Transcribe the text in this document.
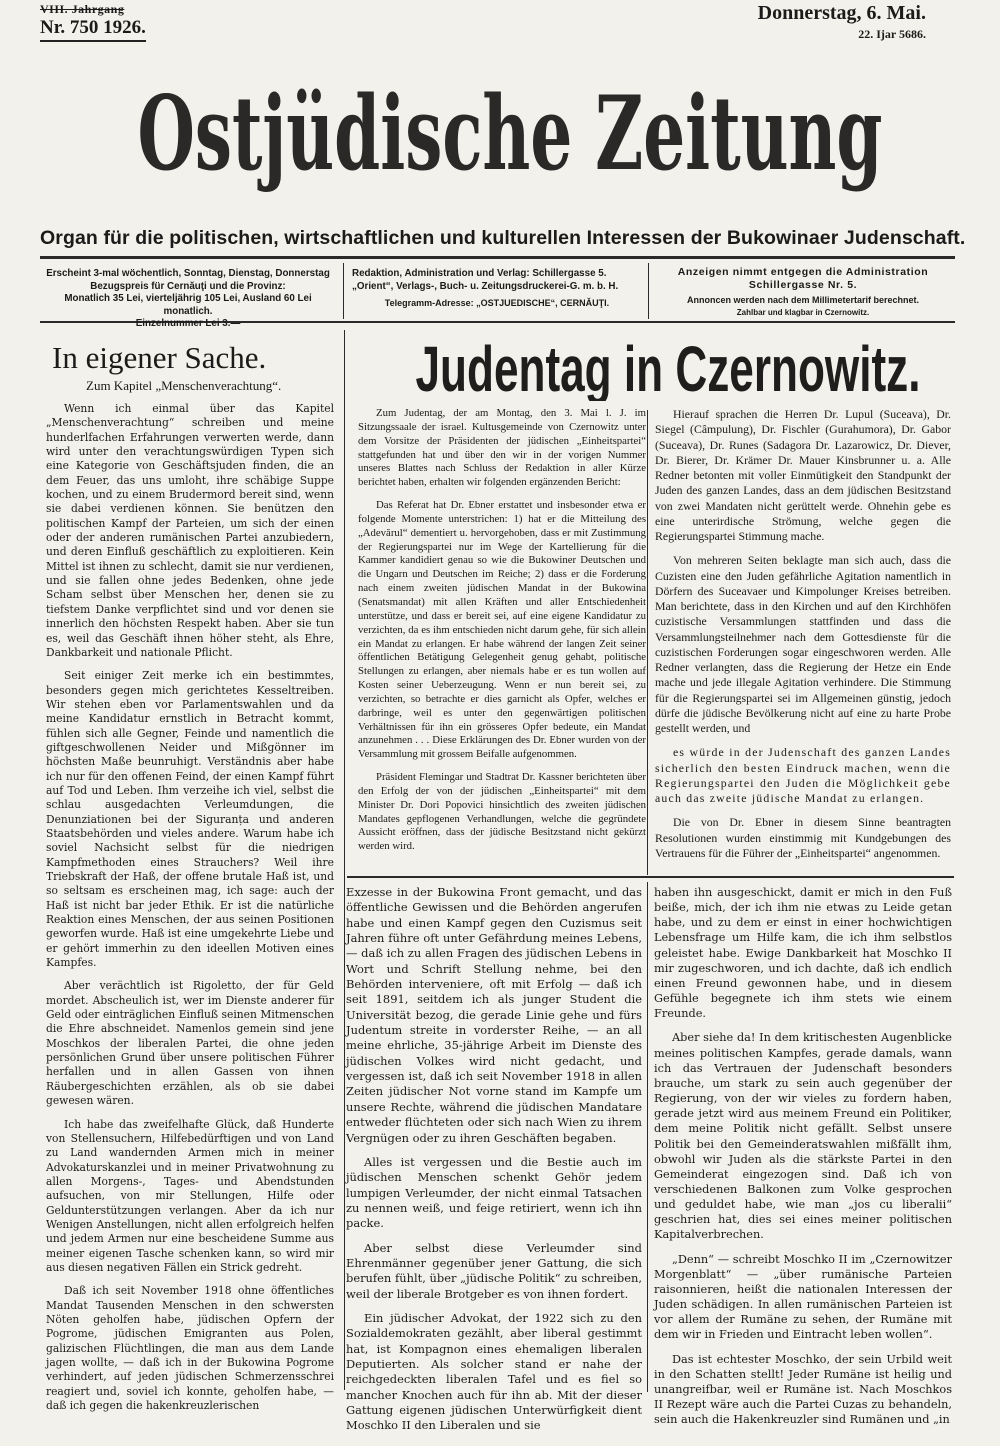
VIII. Jahrgang
Nr. 750 1926.
Donnerstag, 6. Mai.
22. Ijar 5686.
Ostjüdische Zeitung
Organ für die politischen, wirtschaftlichen und kulturellen Interessen der Bukowinaer Judenschaft.
Erscheint 3-mal wöchentlich, Sonntag, Dienstag, Donnerstag
Bezugspreis für Cernăuţi und die Provinz:
Monatlich 35 Lei, vierteljährig 105 Lei, Ausland 60 Lei monatlich.
Einzelnummer Lei 3.—
Redaktion, Administration und Verlag: Schillergasse 5.
„Orient“, Verlags-, Buch- u. Zeitungsdruckerei-G. m. b. H.
Telegramm-Adresse: „OSTJUEDISCHE“, CERNĂUŢI.
Anzeigen nimmt entgegen die Administration Schillergasse Nr. 5.
Annoncen werden nach dem Millimetertarif berechnet.
Zahlbar und klagbar in Czernowitz.
In eigener Sache.
Zum Kapitel „Menschenverachtung“. Judentag in Czernowitz.

Wenn ich einmal über das Kapitel „Menschenverachtung“ schreiben und meine hunderlfachen Erfahrungen verwerten werde, dann wird unter den verachtungswürdigen Typen sich eine Kategorie von Geschäftsjuden finden, die an dem Feuer, das uns umloht, ihre schäbige Suppe kochen, und zu einem Brudermord bereit sind, wenn sie dabei verdienen können. Sie benützen den politischen Kampf der Parteien, um sich der einen oder der anderen rumänischen Partei anzubiedern, und deren Einfluß geschäftlich zu exploitieren. Kein Mittel ist ihnen zu schlecht, damit sie nur verdienen, und sie fallen ohne jedes Bedenken, ohne jede Scham selbst über Menschen her, denen sie zu tiefstem Danke verpflichtet sind und vor denen sie innerlich den höchsten Respekt haben. Aber sie tun es, weil das Geschäft ihnen höher steht, als Ehre, Dankbarkeit und nationale Pflicht.

Seit einiger Zeit merke ich ein bestimmtes, besonders gegen mich gerichtetes Kesseltreiben. Wir stehen eben vor Parlamentswahlen und da meine Kandidatur ernstlich in Betracht kommt, fühlen sich alle Gegner, Feinde und namentlich die giftgeschwollenen Neider und Mißgönner im höchsten Maße beunruhigt. Verständnis aber habe ich nur für den offenen Feind, der einen Kampf führt auf Tod und Leben. Ihm verzeihe ich viel, selbst die schlau ausgedachten Verleumdungen, die Denunziationen bei der Siguranța und anderen Staatsbehörden und vieles andere. Warum habe ich soviel Nachsicht selbst für die niedrigen Kampfmethoden eines Strauchers? Weil ihre Triebskraft der Haß, der offene brutale Haß ist, und so seltsam es erscheinen mag, ich sage: auch der Haß ist nicht bar jeder Ethik. Er ist die natürliche Reaktion eines Menschen, der aus seinen Positionen geworfen wurde. Haß ist eine umgekehrte Liebe und er gehört immerhin zu den ideellen Motiven eines Kampfes.

Aber verächtlich ist Rigoletto, der für Geld mordet. Abscheulich ist, wer im Dienste anderer für Geld oder einträglichen Einfluß seinen Mitmenschen die Ehre abschneidet. Namenlos gemein sind jene Moschkos der liberalen Partei, die ohne jeden persönlichen Grund über unsere politischen Führer herfallen und in allen Gassen von ihnen Räubergeschichten erzählen, als ob sie dabei gewesen wären.

Ich habe das zweifelhafte Glück, daß Hunderte von Stellensuchern, Hilfebedürftigen und von Land zu Land wandernden Armen mich in meiner Advokaturskanzlei und in meiner Privatwohnung zu allen Morgens-, Tages- und Abendstunden aufsuchen, von mir Stellungen, Hilfe oder Geldunterstützungen verlangen. Aber da ich nur Wenigen Anstellungen, nicht allen erfolgreich helfen und jedem Armen nur eine bescheidene Summe aus meiner eigenen Tasche schenken kann, so wird mir aus diesen negativen Fällen ein Strick gedreht.

Daß ich seit November 1918 ohne öffentliches Mandat Tausenden Menschen in den schwersten Nöten geholfen habe, jüdischen Opfern der Pogrome, jüdischen Emigranten aus Polen, galizischen Flüchtlingen, die man aus dem Lande jagen wollte, — daß ich in der Bukowina Pogrome verhindert, auf jeden jüdischen Schmerzensschrei reagiert und, soviel ich konnte, geholfen habe, — daß ich gegen die hakenkreuzlerischen

Zum Judentag, der am Montag, den 3. Mai l. J. im Sitzungssaale der israel. Kultusgemeinde von Czernowitz unter dem Vorsitze der Präsidenten der jüdischen „Einheitspartei“ stattgefunden hat und über den wir in der vorigen Nummer unseres Blattes nach Schluss der Redaktion in aller Kürze berichtet haben, erhalten wir folgenden ergänzenden Bericht:

Das Referat hat Dr. Ebner erstattet und insbesonder etwa er folgende Momente unterstrichen: 1) hat er die Mitteilung des „Adevărul“ dementiert u. hervorgehoben, dass er mit Zustimmung der Regierungspartei nur im Wege der Kartellierung für die Kammer kandidiert genau so wie die Bukowiner Deutschen und die Ungarn und Deutschen im Reiche; 2) dass er die Forderung nach einem zweiten jüdischen Mandat in der Bukowina (Senatsmandat) mit allen Kräften und aller Entschiedenheit unterstütze, und dass er bereit sei, auf eine eigene Kandidatur zu verzichten, da es ihm entschieden nicht darum gehe, für sich allein ein Mandat zu erlangen. Er habe während der langen Zeit seiner öffentlichen Betätigung Gelegenheit genug gehabt, politische Stellungen zu erlangen, aber niemals habe er es tun wollen auf Kosten seiner Ueberzeugung. Wenn er nun bereit sei, zu verzichten, so betrachte er dies garnicht als Opfer, welches er darbringe, weil es unter den gegenwärtigen politischen Verhältnissen für ihn ein grösseres Opfer bedeute, ein Mandat anzunehmen . . . Diese Erklärungen des Dr. Ebner wurden von der Versammlung mit grossem Beifalle aufgenommen.

Präsident Flemingar und Stadtrat Dr. Kassner berichteten über den Erfolg der von der jüdischen „Einheitspartei“ mit dem Minister Dr. Dori Popovici hinsichtlich des zweiten jüdischen Mandates gepflogenen Verhandlungen, welche die gegründete Aussicht eröffnen, dass der jüdische Besitzstand nicht gekürzt werden wird.

Hierauf sprachen die Herren Dr. Lupul (Suceava), Dr. Siegel (Câmpulung), Dr. Fischler (Gurahumora), Dr. Gabor (Suceava), Dr. Runes (Sadagora Dr. Lazarowicz, Dr. Diever, Dr. Bierer, Dr. Krämer Dr. Mauer Kinsbrunner u. a. Alle Redner betonten mit voller Einmütigkeit den Standpunkt der Juden des ganzen Landes, dass an dem jüdischen Besitzstand von zwei Mandaten nicht gerüttelt werde. Ohnehin gebe es eine unterirdische Strömung, welche gegen die Regierungspartei Stimmung mache.

Von mehreren Seiten beklagte man sich auch, dass die Cuzisten eine den Juden gefährliche Agitation namentlich in Dörfern des Suceavaer und Kimpolunger Kreises betreiben. Man berichtete, dass in den Kirchen und auf den Kirchhöfen cuzistische Versammlungen stattfinden und dass die Versammlungsteilnehmer nach dem Gottesdienste für die cuzistischen Forderungen sogar eingeschworen werden. Alle Redner verlangten, dass die Regierung der Hetze ein Ende mache und jede illegale Agitation verhindere. Die Stimmung für die Regierungspartei sei im Allgemeinen günstig, jedoch dürfe die jüdische Bevölkerung nicht auf eine zu harte Probe gestellt werden, und

es würde in der Judenschaft des ganzen Landes sicherlich den besten Eindruck machen, wenn die Regierungspartei den Juden die Möglichkeit gebe auch das zweite jüdische Mandat zu erlangen.

Die von Dr. Ebner in diesem Sinne beantragten Resolutionen wurden einstimmig mit Kundgebungen des Vertrauens für die Führer der „Einheitspartei“ angenommen.

Exzesse in der Bukowina Front gemacht, und das öffentliche Gewissen und die Behörden angerufen habe und einen Kampf gegen den Cuzismus seit Jahren führe oft unter Gefährdung meines Lebens, — daß ich zu allen Fragen des jüdischen Lebens in Wort und Schrift Stellung nehme, bei den Behörden interveniere, oft mit Erfolg — daß ich seit 1891, seitdem ich als junger Student die Universität bezog, die gerade Linie gehe und fürs Judentum streite in vorderster Reihe, — an all meine ehrliche, 35-jährige Arbeit im Dienste des jüdischen Volkes wird nicht gedacht, und vergessen ist, daß ich seit November 1918 in allen Zeiten jüdischer Not vorne stand im Kampfe um unsere Rechte, während die jüdischen Mandatare entweder flüchteten oder sich nach Wien zu ihrem Vergnügen oder zu ihren Geschäften begaben.

Alles ist vergessen und die Bestie auch im jüdischen Menschen schenkt Gehör jedem lumpigen Verleumder, der nicht einmal Tatsachen zu nennen weiß, und feige retiriert, wenn ich ihn packe.

Aber selbst diese Verleumder sind Ehrenmänner gegenüber jener Gattung, die sich berufen fühlt, über „jüdische Politik“ zu schreiben, weil der liberale Brotgeber es von ihnen fordert.

Ein jüdischer Advokat, der 1922 sich zu den Sozialdemokraten gezählt, aber liberal gestimmt hat, ist Kompagnon eines ehemaligen liberalen Deputierten. Als solcher stand er nahe der reichgedeckten liberalen Tafel und es fiel so mancher Knochen auch für ihn ab. Mit der dieser Gattung eigenen jüdischen Unterwürfigkeit dient Moschko II den Liberalen und sie

haben ihn ausgeschickt, damit er mich in den Fuß beiße, mich, der ich ihm nie etwas zu Leide getan habe, und zu dem er einst in einer hochwichtigen Lebensfrage um Hilfe kam, die ich ihm selbstlos geleistet habe. Ewige Dankbarkeit hat Moschko II mir zugeschworen, und ich dachte, daß ich endlich einen Freund gewonnen habe, und in diesem Gefühle begegnete ich ihm stets wie einem Freunde.

Aber siehe da! In dem kritischesten Augenblicke meines politischen Kampfes, gerade damals, wann ich das Vertrauen der Judenschaft besonders brauche, um stark zu sein auch gegenüber der Regierung, von der wir vieles zu fordern haben, gerade jetzt wird aus meinem Freund ein Politiker, dem meine Politik nicht gefällt. Selbst unsere Politik bei den Gemeinderatswahlen mißfällt ihm, obwohl wir Juden als die stärkste Partei in den Gemeinderat eingezogen sind. Daß ich von verschiedenen Balkonen zum Volke gesprochen und geduldet habe, wie man „jos cu liberalii“ geschrien hat, dies sei eines meiner politischen Kapitalverbrechen.

„Denn“ — schreibt Moschko II im „Czernowitzer Morgenblatt“ — „über rumänische Parteien raisonnieren, heißt die nationalen Interessen der Juden schädigen. In allen rumänischen Parteien ist vor allem der Rumäne zu sehen, der Rumäne mit dem wir in Frieden und Eintracht leben wollen“.

Das ist echtester Moschko, der sein Urbild weit in den Schatten stellt! Jeder Rumäne ist heilig und unangreifbar, weil er Rumäne ist. Nach Moschkos II Rezept wäre auch die Partei Cuzas zu behandeln, sein auch die Hakenkreuzler sind Rumänen und „in
